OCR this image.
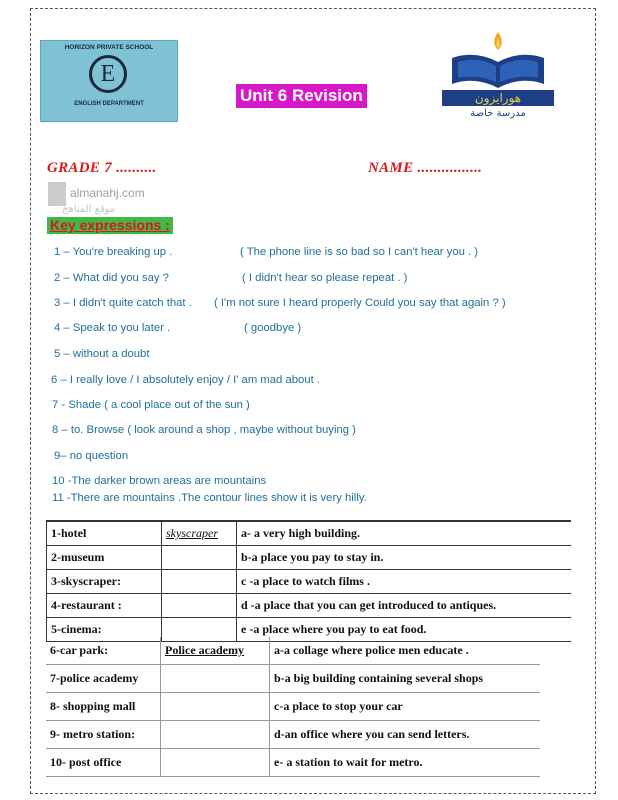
HORIZON PRIVATE SCHOOL
E
ENGLISH DEPARTMENT	Unit 6 Revision	هورايزون
مدرسة خاصة
GRADE 7 ..........	NAME ................
almanahj.com
موقع المناهج
Key expressions :
1 – You're breaking up .	( The phone line is so bad so I can't hear you . )
2 – What did you say ?	( I didn't hear so please repeat . )
3 – I didn't quite catch that . ( I'm not sure I heard properly Could you say that again ? )
4 – Speak to you later .	( goodbye )
5 – without a doubt
6 – I really love / I absolutely enjoy / I' am mad about .
7 - Shade ( a cool place out of the sun )
8 – to. Browse ( look around a shop , maybe without buying )
9– no question
10 -The darker brown areas are mountains
11 -There are mountains .The contour lines show it is very hilly.
1-hotel	skyscraper	a- a very high building.
2-museum		b-a place you pay to stay in.
3-skyscraper:		c -a place to watch films .
4-restaurant :		d -a place that you can get introduced to antiques.
5-cinema:		e -a place where you pay to eat food.
6-car park:	Police academy	a-a collage where police men educate .
7-police academy		b-a big building containing several shops
8- shopping mall		c-a place to stop your car
9- metro station:		d-an office where you can send letters.
10- post office		e- a station to wait for metro.
